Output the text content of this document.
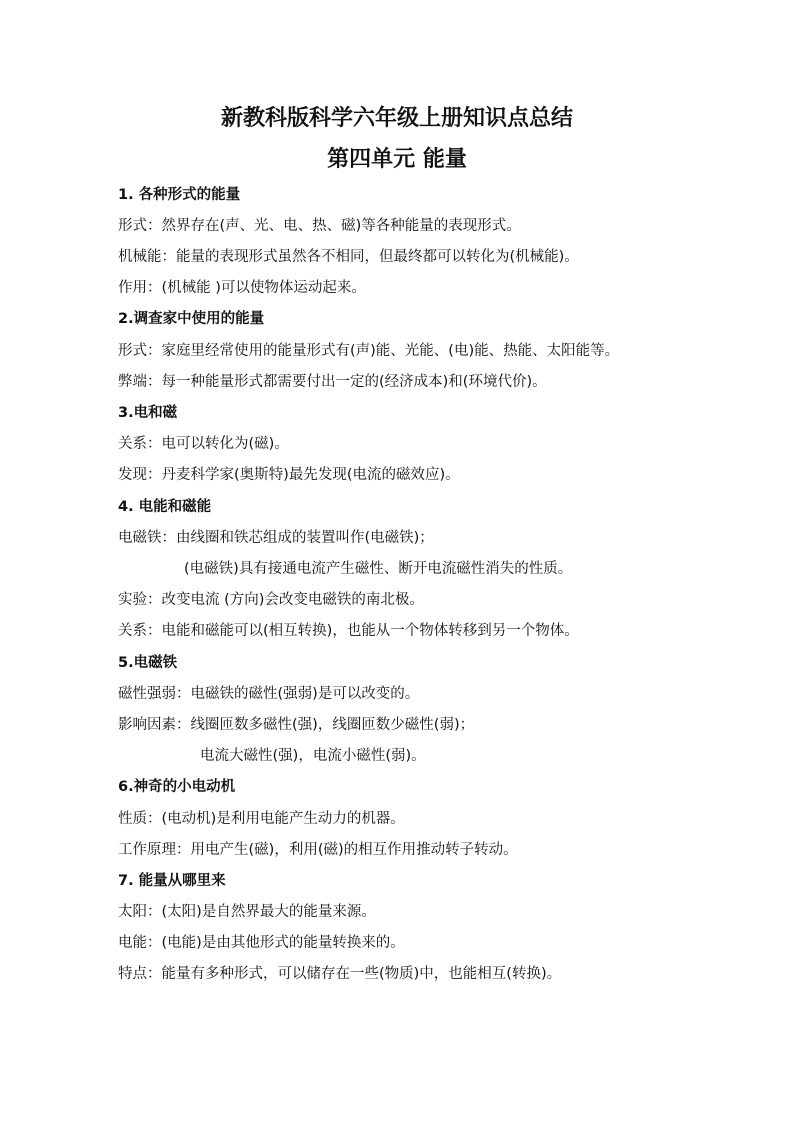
新教科版科学六年级上册知识点总结
第四单元 能量
1. 各种形式的能量
形式：然界存在(声、光、电、热、磁)等各种能量的表现形式。
机械能：能量的表现形式虽然各不相同，但最终都可以转化为(机械能)。
作用：(机械能 )可以使物体运动起来。
2.调查家中使用的能量
形式：家庭里经常使用的能量形式有(声)能、光能、(电)能、热能、太阳能等。
弊端：每一种能量形式都需要付出一定的(经济成本)和(环境代价)。
3.电和磁
关系：电可以转化为(磁)。
发现：丹麦科学家(奥斯特)最先发现(电流的磁效应)。
4. 电能和磁能
电磁铁：由线圈和铁芯组成的装置叫作(电磁铁)；
(电磁铁)具有接通电流产生磁性、断开电流磁性消失的性质。
实验：改变电流 (方向)会改变电磁铁的南北极。
关系：电能和磁能可以(相互转换)，也能从一个物体转移到另一个物体。
5.电磁铁
磁性强弱：电磁铁的磁性(强弱)是可以改变的。
影响因素：线圈匝数多磁性(强)，线圈匝数少磁性(弱)；
电流大磁性(强)，电流小磁性(弱)。
6.神奇的小电动机
性质：(电动机)是利用电能产生动力的机器。
工作原理：用电产生(磁)，利用(磁)的相互作用推动转子转动。
7. 能量从哪里来
太阳：(太阳)是自然界最大的能量来源。
电能：(电能)是由其他形式的能量转换来的。
特点：能量有多种形式，可以储存在一些(物质)中，也能相互(转换)。
